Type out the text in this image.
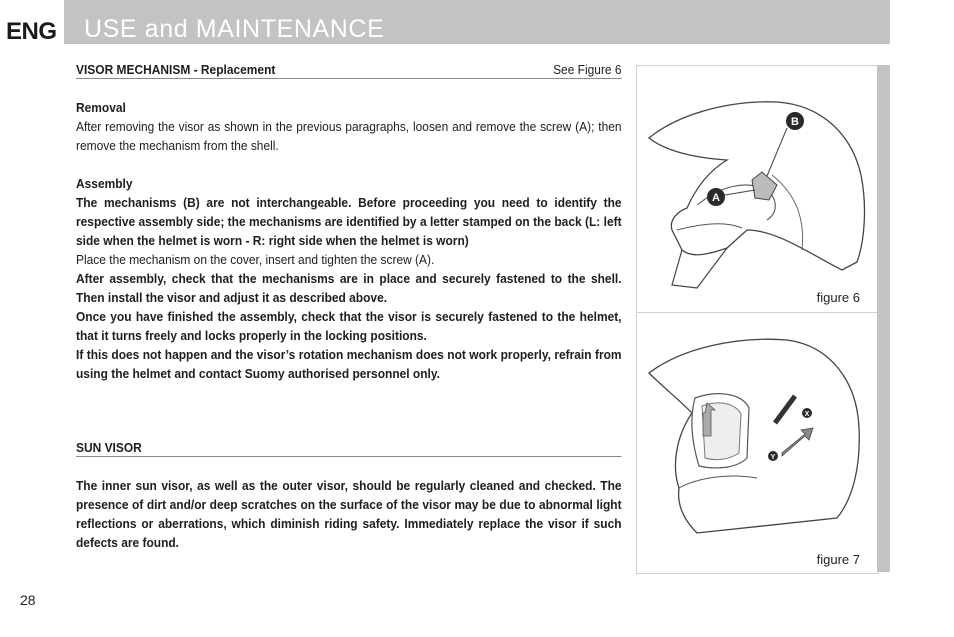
ENG USE and MAINTENANCE
VISOR MECHANISM - Replacement	See Figure 6

Removal

After removing the visor as shown in the previous paragraphs, loosen and remove the screw (A); then remove the mechanism from the shell.

Assembly

The mechanisms (B) are not interchangeable. Before proceeding you need to identify the respective assembly side; the mechanisms are identified by a letter stamped on the back (L: left side when the helmet is worn - R: right side when the helmet is worn)

Place the mechanism on the cover, insert and tighten the screw (A).

After assembly, check that the mechanisms are in place and securely fastened to the shell. Then install the visor and adjust it as described above.

Once you have finished the assembly, check that the visor is securely fastened to the helmet, that it turns freely and locks properly in the locking positions.

If this does not happen and the visor’s rotation mechanism does not work properly, refrain from using the helmet and contact Suomy authorised personnel only.

SUN VISOR

The inner sun visor, as well as the outer visor, should be regularly cleaned and checked. The presence of dirt and/or deep scratches on the surface of the visor may be due to abnormal light reflections or aberrations, which diminish riding safety. Immediately replace the visor if such defects are found.

A
B
figure 6
X
Y
figure 7
28
